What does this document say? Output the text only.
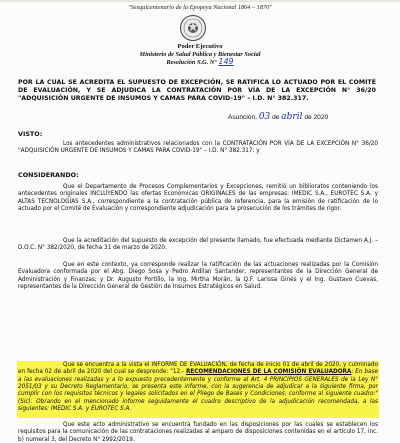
"Sesquicentenario de la Epopeya Nacional 1864 – 1870"
Poder Ejecutivo
Ministerio de Salud Pública y Bienestar Social
Resolución S.G. N° 149
POR LA CUAL SE ACREDITA EL SUPUESTO DE EXCEPCIÓN, SE RATIFICA LO ACTUADO POR EL COMITÉ DE EVALUACIÓN, Y SE ADJUDICA LA CONTRATACIÓN POR VÍA DE LA EXCEPCIÓN N° 36/20 "ADQUISICIÓN URGENTE DE INSUMOS Y CAMAS PARA COVID-19" – I.D. N° 382.317.
Asunción, 03 de abril de 2020
VISTO:

Los antecedentes administrativos relacionados con la CONTRATACIÓN POR VÍA DE LA EXCEPCIÓN N° 36/20 "ADQUISICIÓN URGENTE DE INSUMOS Y CAMAS PARA COVID-19" – I.D. N° 382.317; y

CONSIDERANDO:

Que el Departamento de Procesos Complementarios y Excepciones, remitió un biblioratos conteniendo los antecedentes originales INCLUYENDO las ofertas Económicas ORIGINALES de las empresas: IMEDIC S.A., EUROTEC S.A. y ALTAS TECNOLOGÍAS S.A., correspondiente a la contratación pública de referencia, para la emisión de ratificación de lo actuado por el Comité de Evaluación y correspondiente adjudicación para la prosecución de los trámites de rigor.

Que la acreditación del supuesto de excepción del presente llamado, fue efectuada mediante Dictamen A.J. – D.O.C. N° 382/2020, de fecha 31 de marzo de 2020.

Que en este contexto, ya corresponde realizar la ratificación de las actuaciones realizadas por la Comisión Evaluadora conformada por el Abg. Diego Sosa y Pedro Ardilan Santander, representantes de la Dirección General de Administración y Finanzas; y Dr. Augusto Portillo, la Ing. Mirtha Morán, la Q.F. Larissa Ginés y el Ing. Gustavo Cuevas, representantes de la Dirección General de Gestión de Insumos Estratégicos en Salud.

Que se encuentra a la vista el INFORME DE EVALUACIÓN, de fecha de inicio 01 de abril de 2020, y culminado en fecha 02 de abril de 2020 del cual se desprende: "12.- RECOMENDACIONES DE LA COMISIÓN EVALUADORA: En base a las evaluaciones realizadas y a lo expuesto precedentemente y conforme al Art. 4 PRINCIPIOS GENERALES de la Ley N° 2051/03 y su Decreto Reglamentario, se presenta este informe, con la sugerencia de adjudicar a la siguiente firma, por cumplir con los requisitos técnicos y legales solicitados en el Pliego de Bases y Condiciones; conforme al siguiente cuadro:"(Sic). Obrando en el mencionado informe seguidamente el cuadro descriptivo de la adjudicación recomendada, a las siguientes: IMEDIC S.A. y EUROTEC S.A.

Que este acto administrativo se encuentra fundado en las disposiciones por las cuales se establecen los requisitos para la comunicación de las contrataciones realizadas al amparo de disposiciones contenidas en el artículo 17, inc. b) numeral 3, del Decreto N° 2992/2019.
